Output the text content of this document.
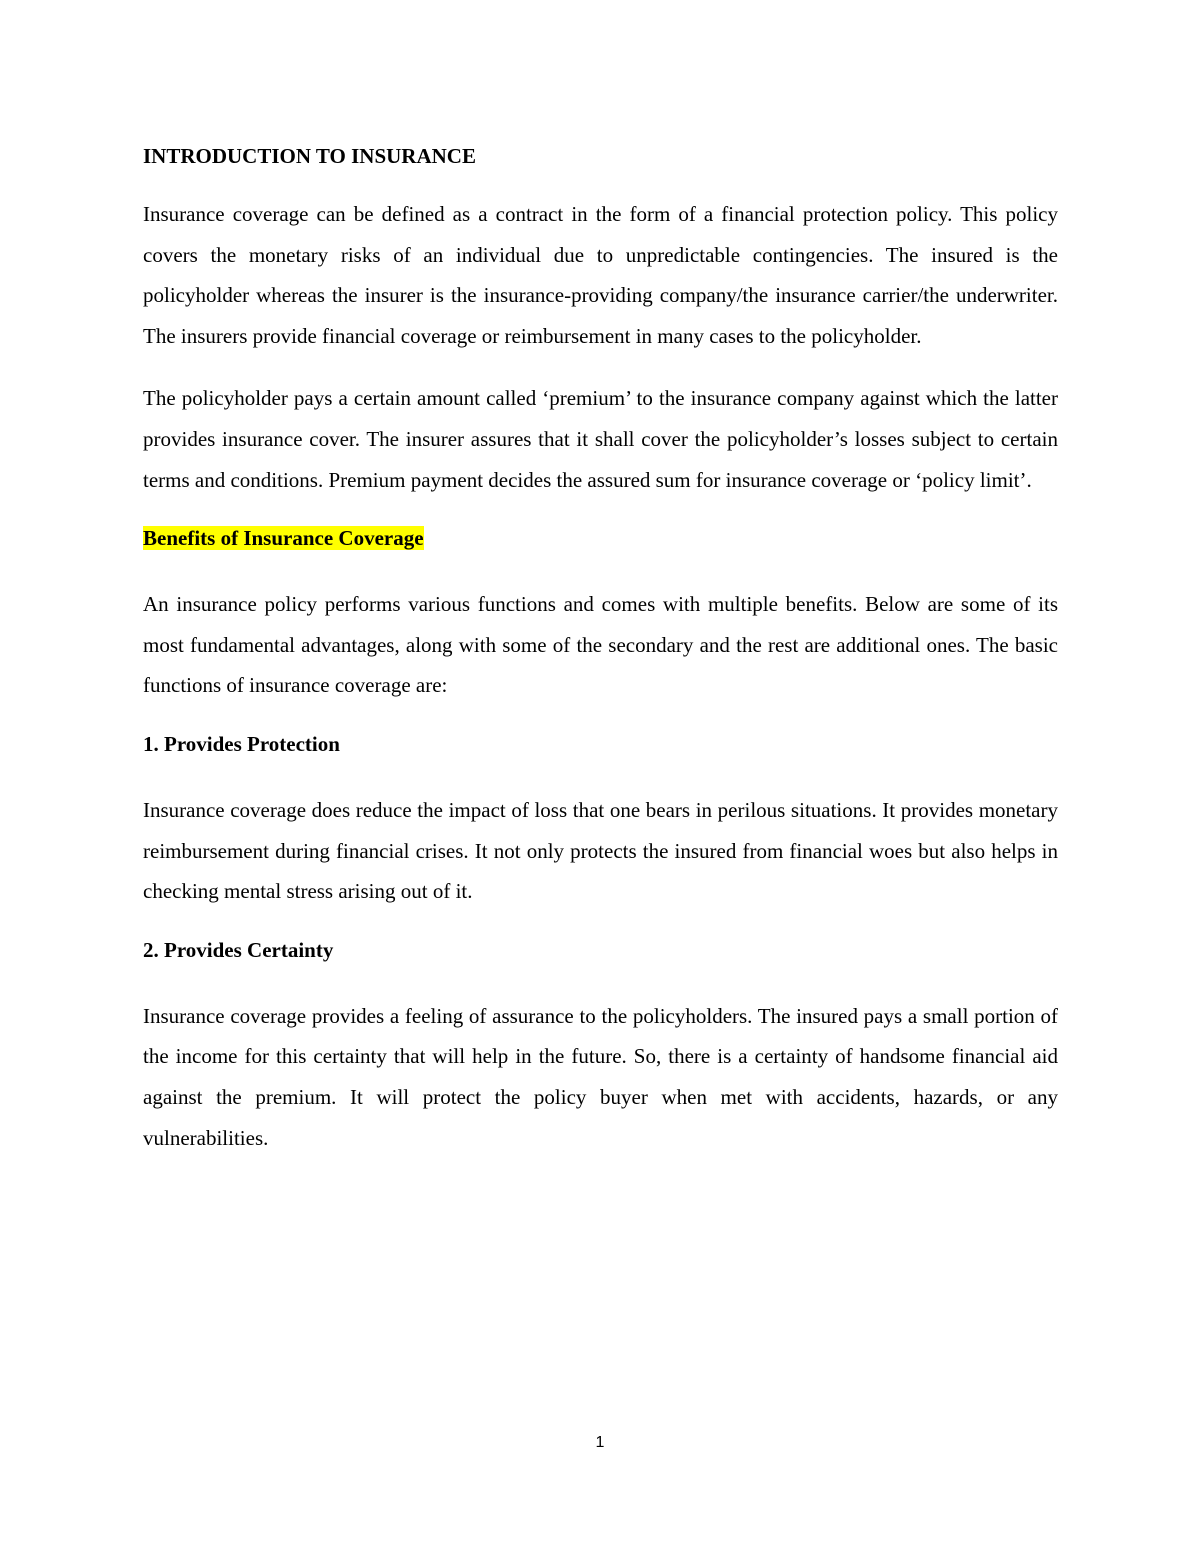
INTRODUCTION TO INSURANCE

Insurance coverage can be defined as a contract in the form of a financial protection policy. This policy covers the monetary risks of an individual due to unpredictable contingencies. The insured is the policyholder whereas the insurer is the insurance-providing company/the insurance carrier/the underwriter. The insurers provide financial coverage or reimbursement in many cases to the policyholder.

The policyholder pays a certain amount called ‘premium’ to the insurance company against which the latter provides insurance cover. The insurer assures that it shall cover the policyholder’s losses subject to certain terms and conditions. Premium payment decides the assured sum for insurance coverage or ‘policy limit’.

Benefits of Insurance Coverage

An insurance policy performs various functions and comes with multiple benefits. Below are some of its most fundamental advantages, along with some of the secondary and the rest are additional ones. The basic functions of insurance coverage are:

1. Provides Protection

Insurance coverage does reduce the impact of loss that one bears in perilous situations. It provides monetary reimbursement during financial crises. It not only protects the insured from financial woes but also helps in checking mental stress arising out of it.

2. Provides Certainty

Insurance coverage provides a feeling of assurance to the policyholders. The insured pays a small portion of the income for this certainty that will help in the future. So, there is a certainty of handsome financial aid against the premium. It will protect the policy buyer when met with accidents, hazards, or any vulnerabilities.

1
